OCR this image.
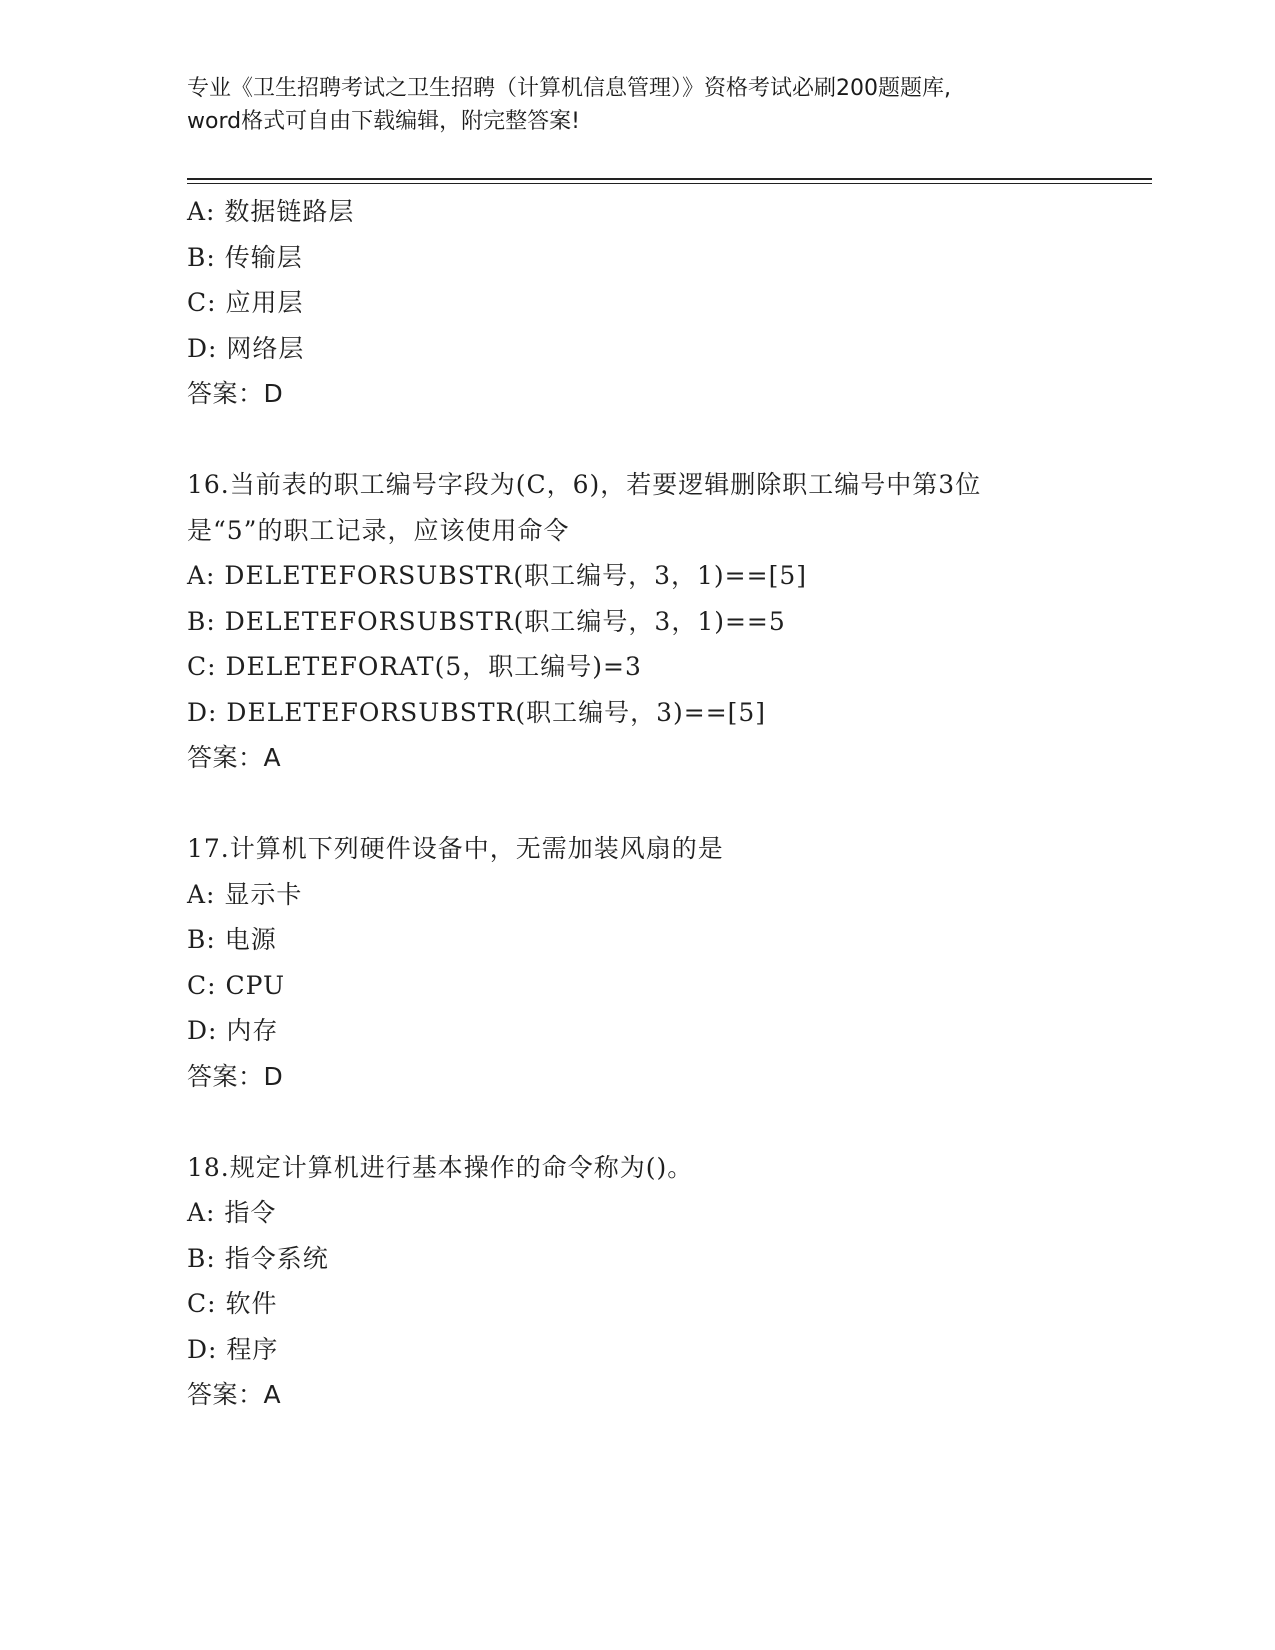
专业《卫生招聘考试之卫生招聘（计算机信息管理）》资格考试必刷200题题库,
word格式可自由下载编辑，附完整答案!
A: 数据链路层
B: 传输层
C: 应用层
D: 网络层
答案：D
16.当前表的职工编号字段为(C，6)，若要逻辑删除职工编号中第3位
是“5”的职工记录，应该使用命令
A: DELETEFORSUBSTR(职工编号，3，1)==[5]
B: DELETEFORSUBSTR(职工编号，3，1)==5
C: DELETEFORAT(5，职工编号)=3
D: DELETEFORSUBSTR(职工编号，3)==[5]
答案：A
17.计算机下列硬件设备中，无需加装风扇的是
A: 显示卡
B: 电源
C: CPU
D: 内存
答案：D
18.规定计算机进行基本操作的命令称为()。
A: 指令
B: 指令系统
C: 软件
D: 程序
答案：A
